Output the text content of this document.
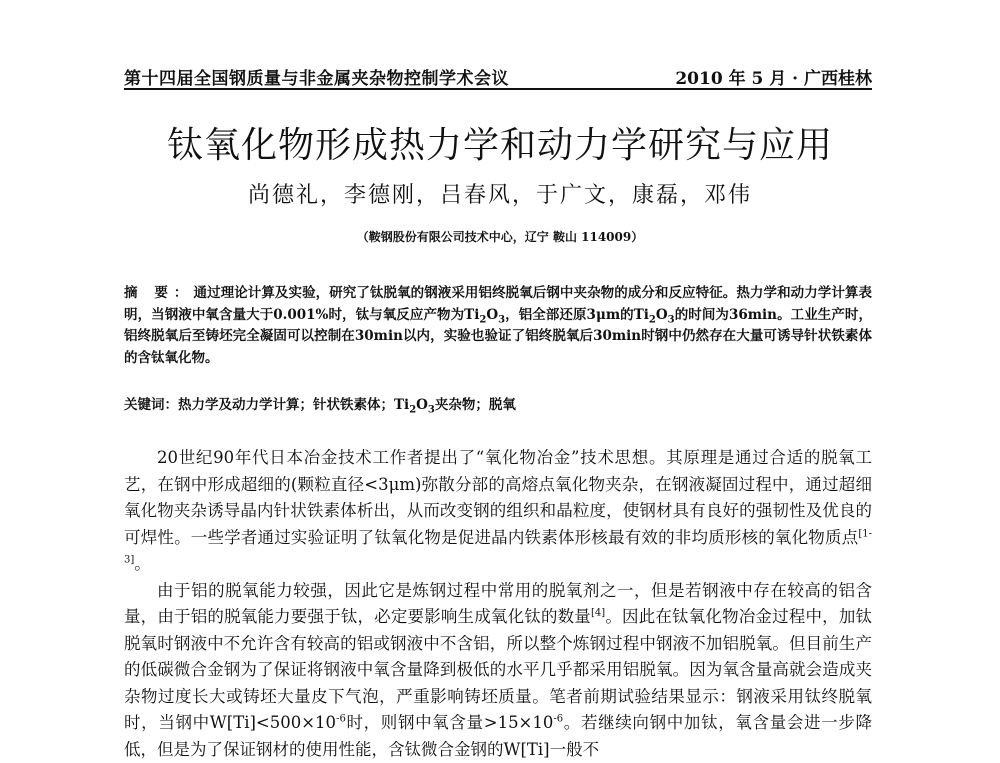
第十四届全国钢质量与非金属夹杂物控制学术会议	2010 年 5 月 · 广西桂林
钛氧化物形成热力学和动力学研究与应用
尚德礼，李德刚，吕春风，于广文，康磊，邓伟
（鞍钢股份有限公司技术中心，辽宁 鞍山 114009）
摘 要：通过理论计算及实验，研究了钛脱氧的钢液采用铝终脱氧后钢中夹杂物的成分和反应特征。热力学和动力学计算表明，当钢液中氧含量大于0.001%时，钛与氧反应产物为$Ti_2O_3$，铝全部还原3μm的$Ti_2O_3$的时间为36min。工业生产时，铝终脱氧后至铸坯完全凝固可以控制在30min以内，实验也验证了铝终脱氧后30min时钢中仍然存在大量可诱导针状铁素体的含钛氧化物。
关键词：热力学及动力学计算；针状铁素体；$Ti_2O_3$夹杂物；脱氧

20世纪90年代日本冶金技术工作者提出了“氧化物冶金”技术思想。其原理是通过合适的脱氧工艺，在钢中形成超细的(颗粒直径<3μm)弥散分部的高熔点氧化物夹杂，在钢液凝固过程中，通过超细氧化物夹杂诱导晶内针状铁素体析出，从而改变钢的组织和晶粒度，使钢材具有良好的强韧性及优良的可焊性。一些学者通过实验证明了钛氧化物是促进晶内铁素体形核最有效的非均质形核的氧化物质点[1-3]。

由于铝的脱氧能力较强，因此它是炼钢过程中常用的脱氧剂之一，但是若钢液中存在较高的铝含量，由于铝的脱氧能力要强于钛，必定要影响生成氧化钛的数量[4]。因此在钛氧化物冶金过程中，加钛脱氧时钢液中不允许含有较高的铝或钢液中不含铝，所以整个炼钢过程中钢液不加铝脱氧。但目前生产的低碳微合金钢为了保证将钢液中氧含量降到极低的水平几乎都采用铝脱氧。因为氧含量高就会造成夹杂物过度长大或铸坯大量皮下气泡，严重影响铸坯质量。笔者前期试验结果显示：钢液采用钛终脱氧时，当钢中$W[Ti]<500\times 10^{-6}$时，则钢中氧含量$>15\times 10^{-6}$。若继续向钢中加钛，氧含量会进一步降低，但是为了保证钢材的使用性能，含钛微合金钢的W[Ti]一般不
